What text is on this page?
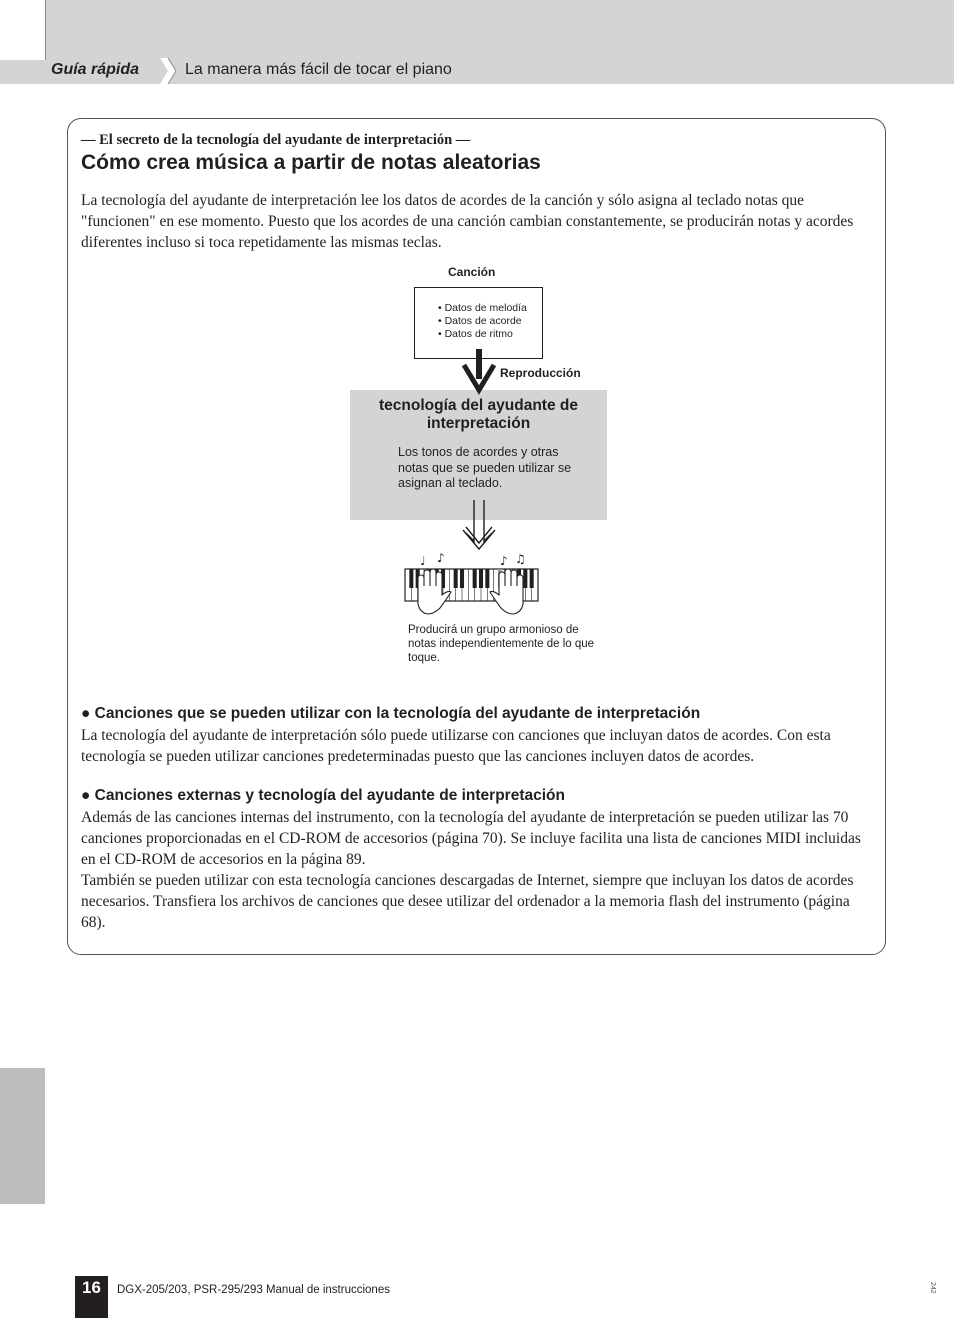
Guía rápida	La manera más fácil de tocar el piano
— El secreto de la tecnología del ayudante de interpretación —
Cómo crea música a partir de notas aleatorias
La tecnología del ayudante de interpretación lee los datos de acordes de la canción y sólo asigna al teclado notas que "funcionen" en ese momento. Puesto que los acordes de una canción cambian constantemente, se producirán notas y acordes diferentes incluso si toca repetidamente las mismas teclas.
Canción
• Datos de melodía
• Datos de acorde
• Datos de ritmo
tecnología del ayudante de interpretación
Los tonos de acordes y otras notas que se pueden utilizar se asignan al teclado.
Reproducción
♩ ♪	♪ ♫
Producirá un grupo armonioso de notas independientemente de lo que toque.
● Canciones que se pueden utilizar con la tecnología del ayudante de interpretación
La tecnología del ayudante de interpretación sólo puede utilizarse con canciones que incluyan datos de acordes. Con esta tecnología se pueden utilizar canciones predeterminadas puesto que las canciones incluyen datos de acordes.
● Canciones externas y tecnología del ayudante de interpretación
Además de las canciones internas del instrumento, con la tecnología del ayudante de interpretación se pueden utilizar las 70 canciones proporcionadas en el CD-ROM de accesorios (página 70). Se incluye facilita una lista de canciones MIDI incluidas en el CD-ROM de accesorios en la página 89.
También se pueden utilizar con esta tecnología canciones descargadas de Internet, siempre que incluyan los datos de acordes necesarios. Transfiera los archivos de canciones que desee utilizar del ordenador a la memoria flash del instrumento (página 68).
16	DGX-205/203, PSR-295/293 Manual de instrucciones	242
